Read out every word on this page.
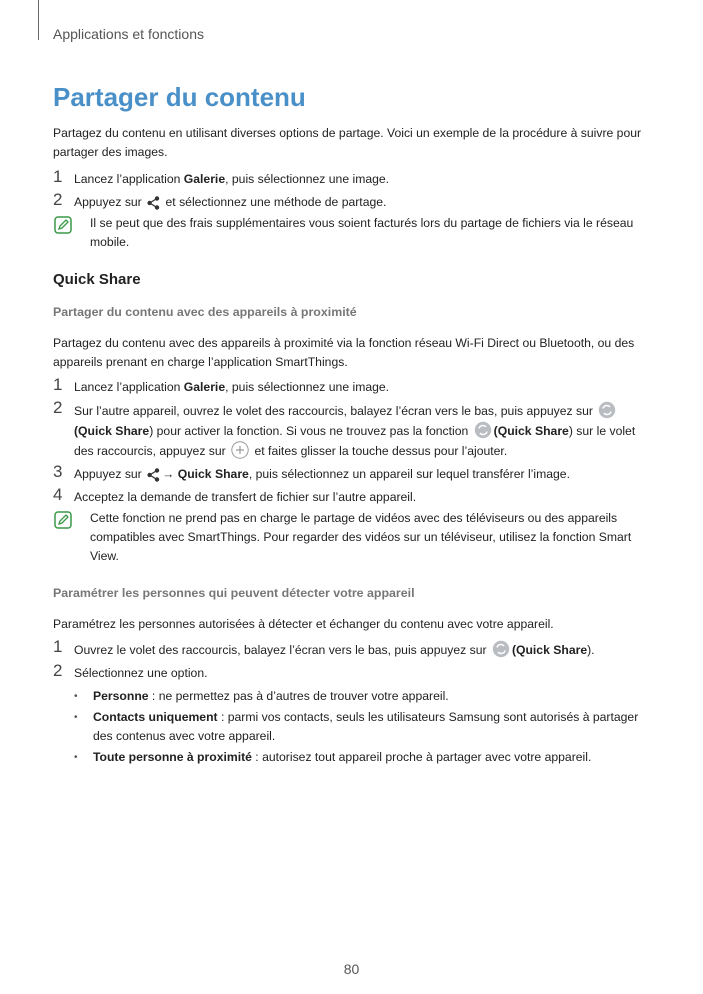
Applications et fonctions
Partager du contenu

Partagez du contenu en utilisant diverses options de partage. Voici un exemple de la procédure à suivre pour partager des images.

1 Lancez l’application Galerie, puis sélectionnez une image.
2 Appuyez sur  et sélectionnez une méthode de partage.
Il se peut que des frais supplémentaires vous soient facturés lors du partage de fichiers via le réseau mobile.
Quick Share
Partager du contenu avec des appareils à proximité

Partagez du contenu avec des appareils à proximité via la fonction réseau Wi-Fi Direct ou Bluetooth, ou des appareils prenant en charge l’application SmartThings.

1 Lancez l’application Galerie, puis sélectionnez une image.
2 Sur l’autre appareil, ouvrez le volet des raccourcis, balayez l’écran vers le bas, puis appuyez sur (Quick Share) pour activer la fonction. Si vous ne trouvez pas la fonction (Quick Share) sur le volet des raccourcis, appuyez sur  et faites glisser la touche dessus pour l’ajouter.
3 Appuyez sur → Quick Share, puis sélectionnez un appareil sur lequel transférer l’image.
4 Acceptez la demande de transfert de fichier sur l’autre appareil.
Cette fonction ne prend pas en charge le partage de vidéos avec des téléviseurs ou des appareils compatibles avec SmartThings. Pour regarder des vidéos sur un téléviseur, utilisez la fonction Smart View.
Paramétrer les personnes qui peuvent détecter votre appareil

Paramétrez les personnes autorisées à détecter et échanger du contenu avec votre appareil.

1 Ouvrez le volet des raccourcis, balayez l’écran vers le bas, puis appuyez sur (Quick Share).
2 Sélectionnez une option.
• Personne : ne permettez pas à d’autres de trouver votre appareil.
• Contacts uniquement : parmi vos contacts, seuls les utilisateurs Samsung sont autorisés à partager des contenus avec votre appareil.
• Toute personne à proximité : autorisez tout appareil proche à partager avec votre appareil.
80
